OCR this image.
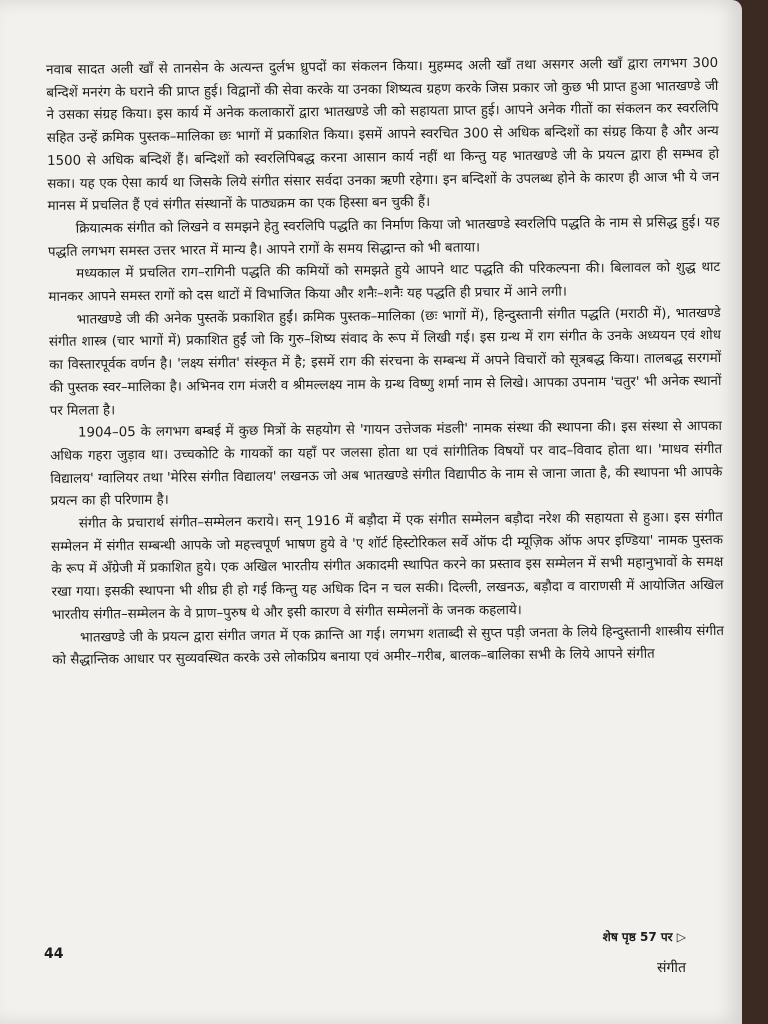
नवाब सादत अली खाँ से तानसेन के अत्यन्त दुर्लभ ध्रुपदों का संकलन किया। मुहम्मद अली खाँ तथा असगर अली खाँ द्वारा लगभग 300 बन्दिशें मनरंग के घराने की प्राप्त हुई। विद्वानों की सेवा करके या उनका शिष्यत्व ग्रहण करके जिस प्रकार जो कुछ भी प्राप्त हुआ भातखण्डे जी ने उसका संग्रह किया। इस कार्य में अनेक कलाकारों द्वारा भातखण्डे जी को सहायता प्राप्त हुई। आपने अनेक गीतों का संकलन कर स्वरलिपि सहित उन्हें क्रमिक पुस्तक–मालिका छः भागों में प्रकाशित किया। इसमें आपने स्वरचित 300 से अधिक बन्दिशों का संग्रह किया है और अन्य 1500 से अधिक बन्दिशें हैं। बन्दिशों को स्वरलिपिबद्ध करना आसान कार्य नहीं था किन्तु यह भातखण्डे जी के प्रयत्न द्वारा ही सम्भव हो सका। यह एक ऐसा कार्य था जिसके लिये संगीत संसार सर्वदा उनका ऋणी रहेगा। इन बन्दिशों के उपलब्ध होने के कारण ही आज भी ये जन मानस में प्रचलित हैं एवं संगीत संस्थानों के पाठ्यक्रम का एक हिस्सा बन चुकी हैं।

क्रियात्मक संगीत को लिखने व समझने हेतु स्वरलिपि पद्धति का निर्माण किया जो भातखण्डे स्वरलिपि पद्धति के नाम से प्रसिद्ध हुई। यह पद्धति लगभग समस्त उत्तर भारत में मान्य है। आपने रागों के समय सिद्धान्त को भी बताया।

मध्यकाल में प्रचलित राग–रागिनी पद्धति की कमियों को समझते हुये आपने थाट पद्धति की परिकल्पना की। बिलावल को शुद्ध थाट मानकर आपने समस्त रागों को दस थाटों में विभाजित किया और शनैः–शनैः यह पद्धति ही प्रचार में आने लगी।

भातखण्डे जी की अनेक पुस्तकें प्रकाशित हुईं। क्रमिक पुस्तक–मालिका (छः भागों में), हिन्दुस्तानी संगीत पद्धति (मराठी में), भातखण्डे संगीत शास्त्र (चार भागों में) प्रकाशित हुईं जो कि गुरु–शिष्य संवाद के रूप में लिखी गई। इस ग्रन्थ में राग संगीत के उनके अध्ययन एवं शोध का विस्तारपूर्वक वर्णन है। 'लक्ष्य संगीत' संस्कृत में है; इसमें राग की संरचना के सम्बन्ध में अपने विचारों को सूत्रबद्ध किया। तालबद्ध सरगमों की पुस्तक स्वर–मालिका है। अभिनव राग मंजरी व श्रीमल्लक्ष्य नाम के ग्रन्थ विष्णु शर्मा नाम से लिखे। आपका उपनाम 'चतुर' भी अनेक स्थानों पर मिलता है।

1904–05 के लगभग बम्बई में कुछ मित्रों के सहयोग से 'गायन उत्तेजक मंडली' नामक संस्था की स्थापना की। इस संस्था से आपका अधिक गहरा जुड़ाव था। उच्चकोटि के गायकों का यहाँ पर जलसा होता था एवं सांगीतिक विषयों पर वाद–विवाद होता था। 'माधव संगीत विद्यालय' ग्वालियर तथा 'मेरिस संगीत विद्यालय' लखनऊ जो अब भातखण्डे संगीत विद्यापीठ के नाम से जाना जाता है, की स्थापना भी आपके प्रयत्न का ही परिणाम है।

संगीत के प्रचारार्थ संगीत–सम्मेलन कराये। सन् 1916 में बड़ौदा में एक संगीत सम्मेलन बड़ौदा नरेश की सहायता से हुआ। इस संगीत सम्मेलन में संगीत सम्बन्धी आपके जो महत्त्वपूर्ण भाषण हुये वे 'ए शॉर्ट हिस्टोरिकल सर्वे ऑफ दी म्यूज़िक ऑफ अपर इण्डिया' नामक पुस्तक के रूप में अँग्रेजी में प्रकाशित हुये। एक अखिल भारतीय संगीत अकादमी स्थापित करने का प्रस्ताव इस सम्मेलन में सभी महानुभावों के समक्ष रखा गया। इसकी स्थापना भी शीघ्र ही हो गई किन्तु यह अधिक दिन न चल सकी। दिल्ली, लखनऊ, बड़ौदा व वाराणसी में आयोजित अखिल भारतीय संगीत–सम्मेलन के वे प्राण–पुरुष थे और इसी कारण वे संगीत सम्मेलनों के जनक कहलाये।

भातखण्डे जी के प्रयत्न द्वारा संगीत जगत में एक क्रान्ति आ गई। लगभग शताब्दी से सुप्त पड़ी जनता के लिये हिन्दुस्तानी शास्त्रीय संगीत को सैद्धान्तिक आधार पर सुव्यवस्थित करके उसे लोकप्रिय बनाया एवं अमीर–गरीब, बालक–बालिका सभी के लिये आपने संगीत

शेष पृष्ठ 57 पर ▷
44
संगीत
